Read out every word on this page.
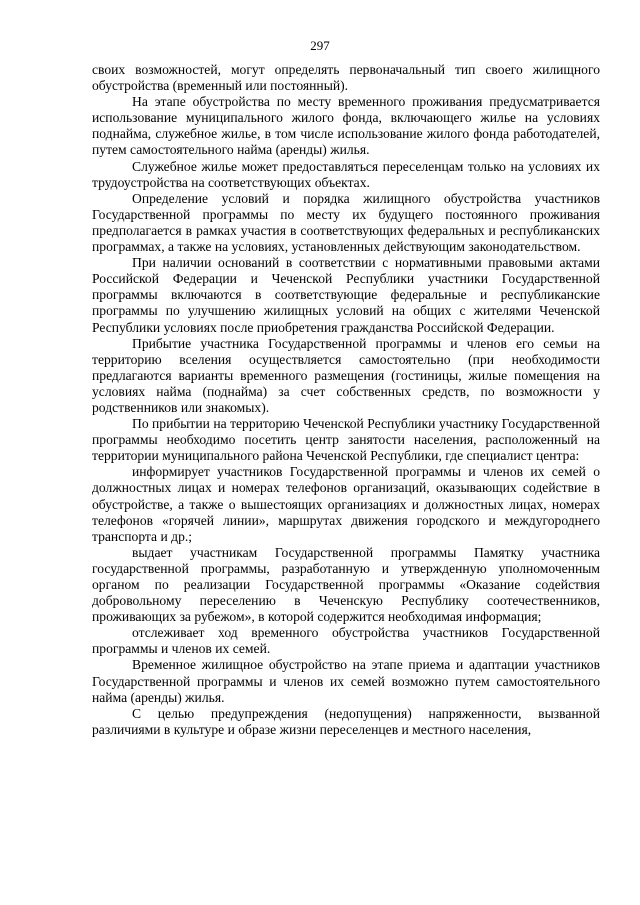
297

своих возможностей, могут определять первоначальный тип своего жилищного обустройства (временный или постоянный).

На этапе обустройства по месту временного проживания предусматривается использование муниципального жилого фонда, включающего жилье на условиях поднайма, служебное жилье, в том числе использование жилого фонда работодателей, путем самостоятельного найма (аренды) жилья.

Служебное жилье может предоставляться переселенцам только на условиях их трудоустройства на соответствующих объектах.

Определение условий и порядка жилищного обустройства участников Государственной программы по месту их будущего постоянного проживания предполагается в рамках участия в соответствующих федеральных и республиканских программах, а также на условиях, установленных действующим законодательством.

При наличии оснований в соответствии с нормативными правовыми актами Российской Федерации и Чеченской Республики участники Государственной программы включаются в соответствующие федеральные и республиканские программы по улучшению жилищных условий на общих с жителями Чеченской Республики условиях после приобретения гражданства Российской Федерации.

Прибытие участника Государственной программы и членов его семьи на территорию вселения осуществляется самостоятельно (при необходимости предлагаются варианты временного размещения (гостиницы, жилые помещения на условиях найма (поднайма) за счет собственных средств, по возможности у родственников или знакомых).

По прибытии на территорию Чеченской Республики участнику Государственной программы необходимо посетить центр занятости населения, расположенный на территории муниципального района Чеченской Республики, где специалист центра:

информирует участников Государственной программы и членов их семей о должностных лицах и номерах телефонов организаций, оказывающих содействие в обустройстве, а также о вышестоящих организациях и должностных лицах, номерах телефонов «горячей линии», маршрутах движения городского и междугороднего транспорта и др.;

выдает участникам Государственной программы Памятку участника государственной программы, разработанную и утвержденную уполномоченным органом по реализации Государственной программы «Оказание содействия добровольному переселению в Чеченскую Республику соотечественников, проживающих за рубежом», в которой содержится необходимая информация;

отслеживает ход временного обустройства участников Государственной программы и членов их семей.

Временное жилищное обустройство на этапе приема и адаптации участников Государственной программы и членов их семей возможно путем самостоятельного найма (аренды) жилья.

С целью предупреждения (недопущения) напряженности, вызванной различиями в культуре и образе жизни переселенцев и местного населения,
